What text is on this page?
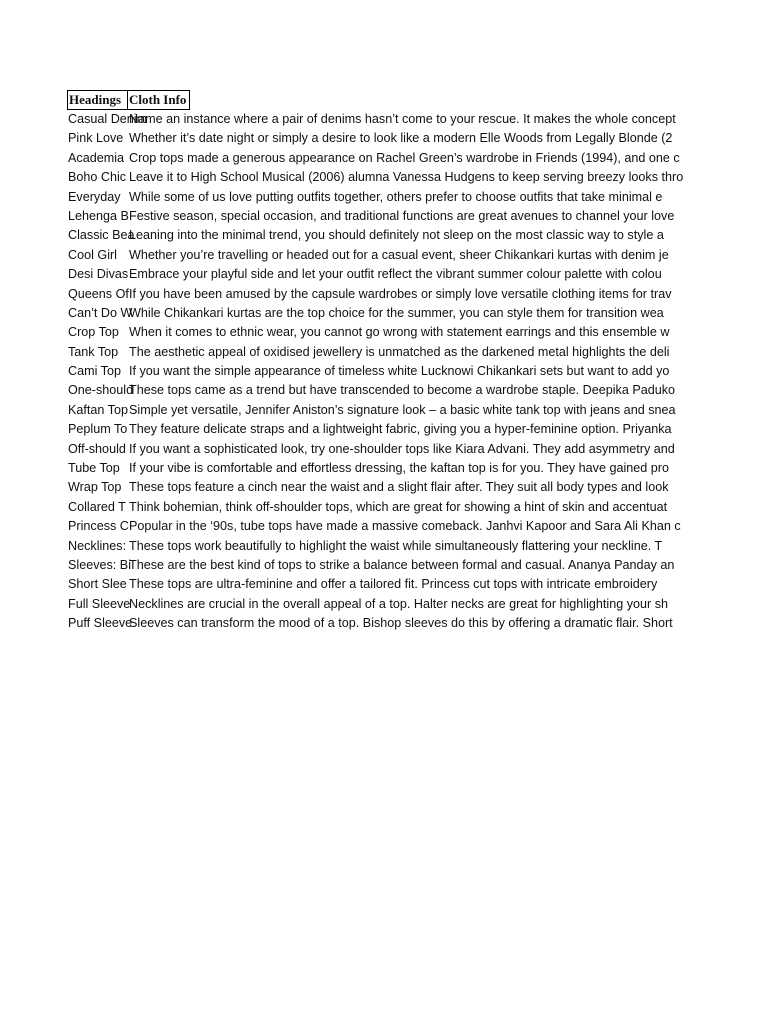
Headings Cloth Info
Casual Denim
Name an instance where a pair of denims hasn’t come to your rescue. It makes the whole concept
Pink Love Whether it’s date night or simply a desire to look like a modern Elle Woods from Legally Blonde (2
Academia Crop tops made a generous appearance on Rachel Green’s wardrobe in Friends (1994), and one c
Boho Chic Leave it to High School Musical (2006) alumna Vanessa Hudgens to keep serving breezy looks thro
Everyday While some of us love putting outfits together, others prefer to choose outfits that take minimal e
Lehenga B Festive season, special occasion, and traditional functions are great avenues to channel your love
Classic Bea
Leaning into the minimal trend, you should definitely not sleep on the most classic way to style a
Cool Girl Whether you’re travelling or headed out for a casual event, sheer Chikankari kurtas with denim je
Desi Divas Embrace your playful side and let your outfit reflect the vibrant summer colour palette with colou
Queens Of If you have been amused by the capsule wardrobes or simply love versatile clothing items for trav
Can’t Do W
While Chikankari kurtas are the top choice for the summer, you can style them for transition wea
Crop Top When it comes to ethnic wear, you cannot go wrong with statement earrings and this ensemble w
Tank Top The aesthetic appeal of oxidised jewellery is unmatched as the darkened metal highlights the deli
Cami Top If you want the simple appearance of timeless white Lucknowi Chikankari sets but want to add yo
One-should
These tops came as a trend but have transcended to become a wardrobe staple. Deepika Paduko
Kaftan Top Simple yet versatile, Jennifer Aniston’s signature look – a basic white tank top with jeans and snea
Peplum To They feature delicate straps and a lightweight fabric, giving you a hyper-feminine option. Priyanka
Off-should If you want a sophisticated look, try one-shoulder tops like Kiara Advani. They add asymmetry and
Tube Top If your vibe is comfortable and effortless dressing, the kaftan top is for you. They have gained pro
Wrap Top These tops feature a cinch near the waist and a slight flair after. They suit all body types and look
Collared T Think bohemian, think off-shoulder tops, which are great for showing a hint of skin and accentuat
Princess C Popular in the ‘90s, tube tops have made a massive comeback. Janhvi Kapoor and Sara Ali Khan c
Necklines: These tops work beautifully to highlight the waist while simultaneously flattering your neckline. T
Sleeves: Bi
These are the best kind of tops to strike a balance between formal and casual. Ananya Panday an
Short Slee These tops are ultra-feminine and offer a tailored fit. Princess cut tops with intricate embroidery
Full Sleeve
Necklines are crucial in the overall appeal of a top. Halter necks are great for highlighting your sh
Puff Sleeve
Sleeves can transform the mood of a top. Bishop sleeves do this by offering a dramatic flair. Short
